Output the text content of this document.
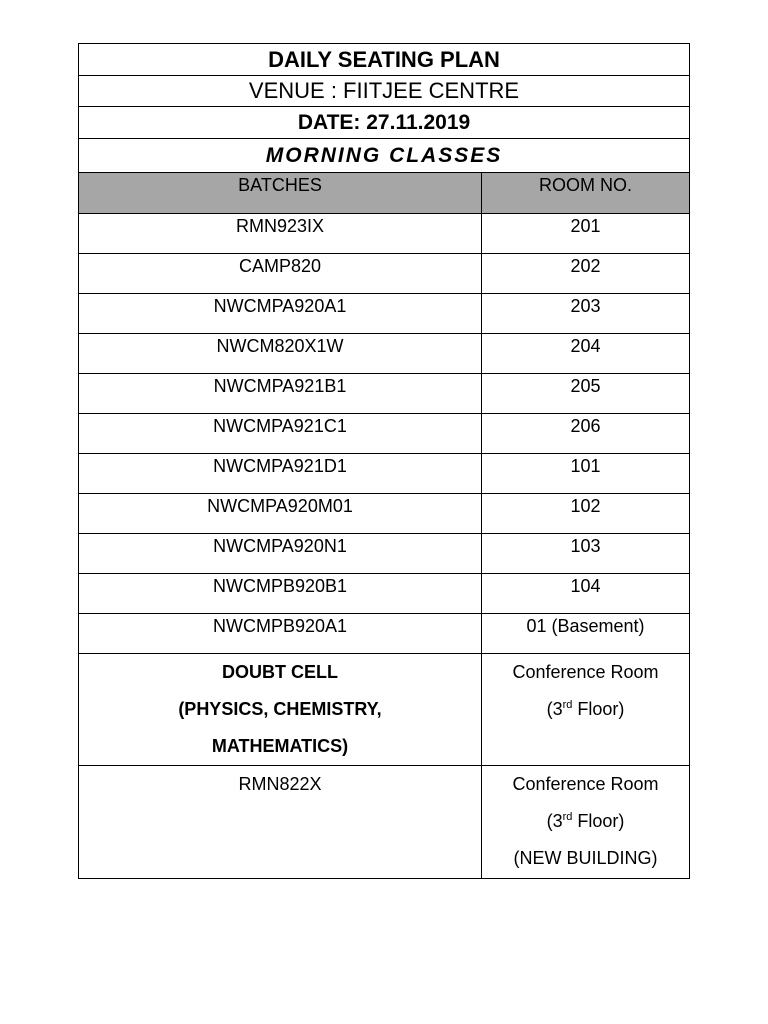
DAILY SEATING PLAN	
VENUE : FIITJEE CENTRE	
DATE: 27.11.2019	
MORNING CLASSES	
BATCHES	ROOM NO.
RMN923IX	201
CAMP820	202
NWCMPA920A1	203
NWCM820X1W	204
NWCMPA921B1	205
NWCMPA921C1	206
NWCMPA921D1	101
NWCMPA920M01	102
NWCMPA920N1	103
NWCMPB920B1	104
NWCMPB920A1	01 (Basement)

DOUBT CELL
(PHYSICS, CHEMISTRY,
MATHEMATICS)	Conference Room
(3rd Floor)

RMN822X	Conference Room
(3rd Floor)
(NEW BUILDING)
